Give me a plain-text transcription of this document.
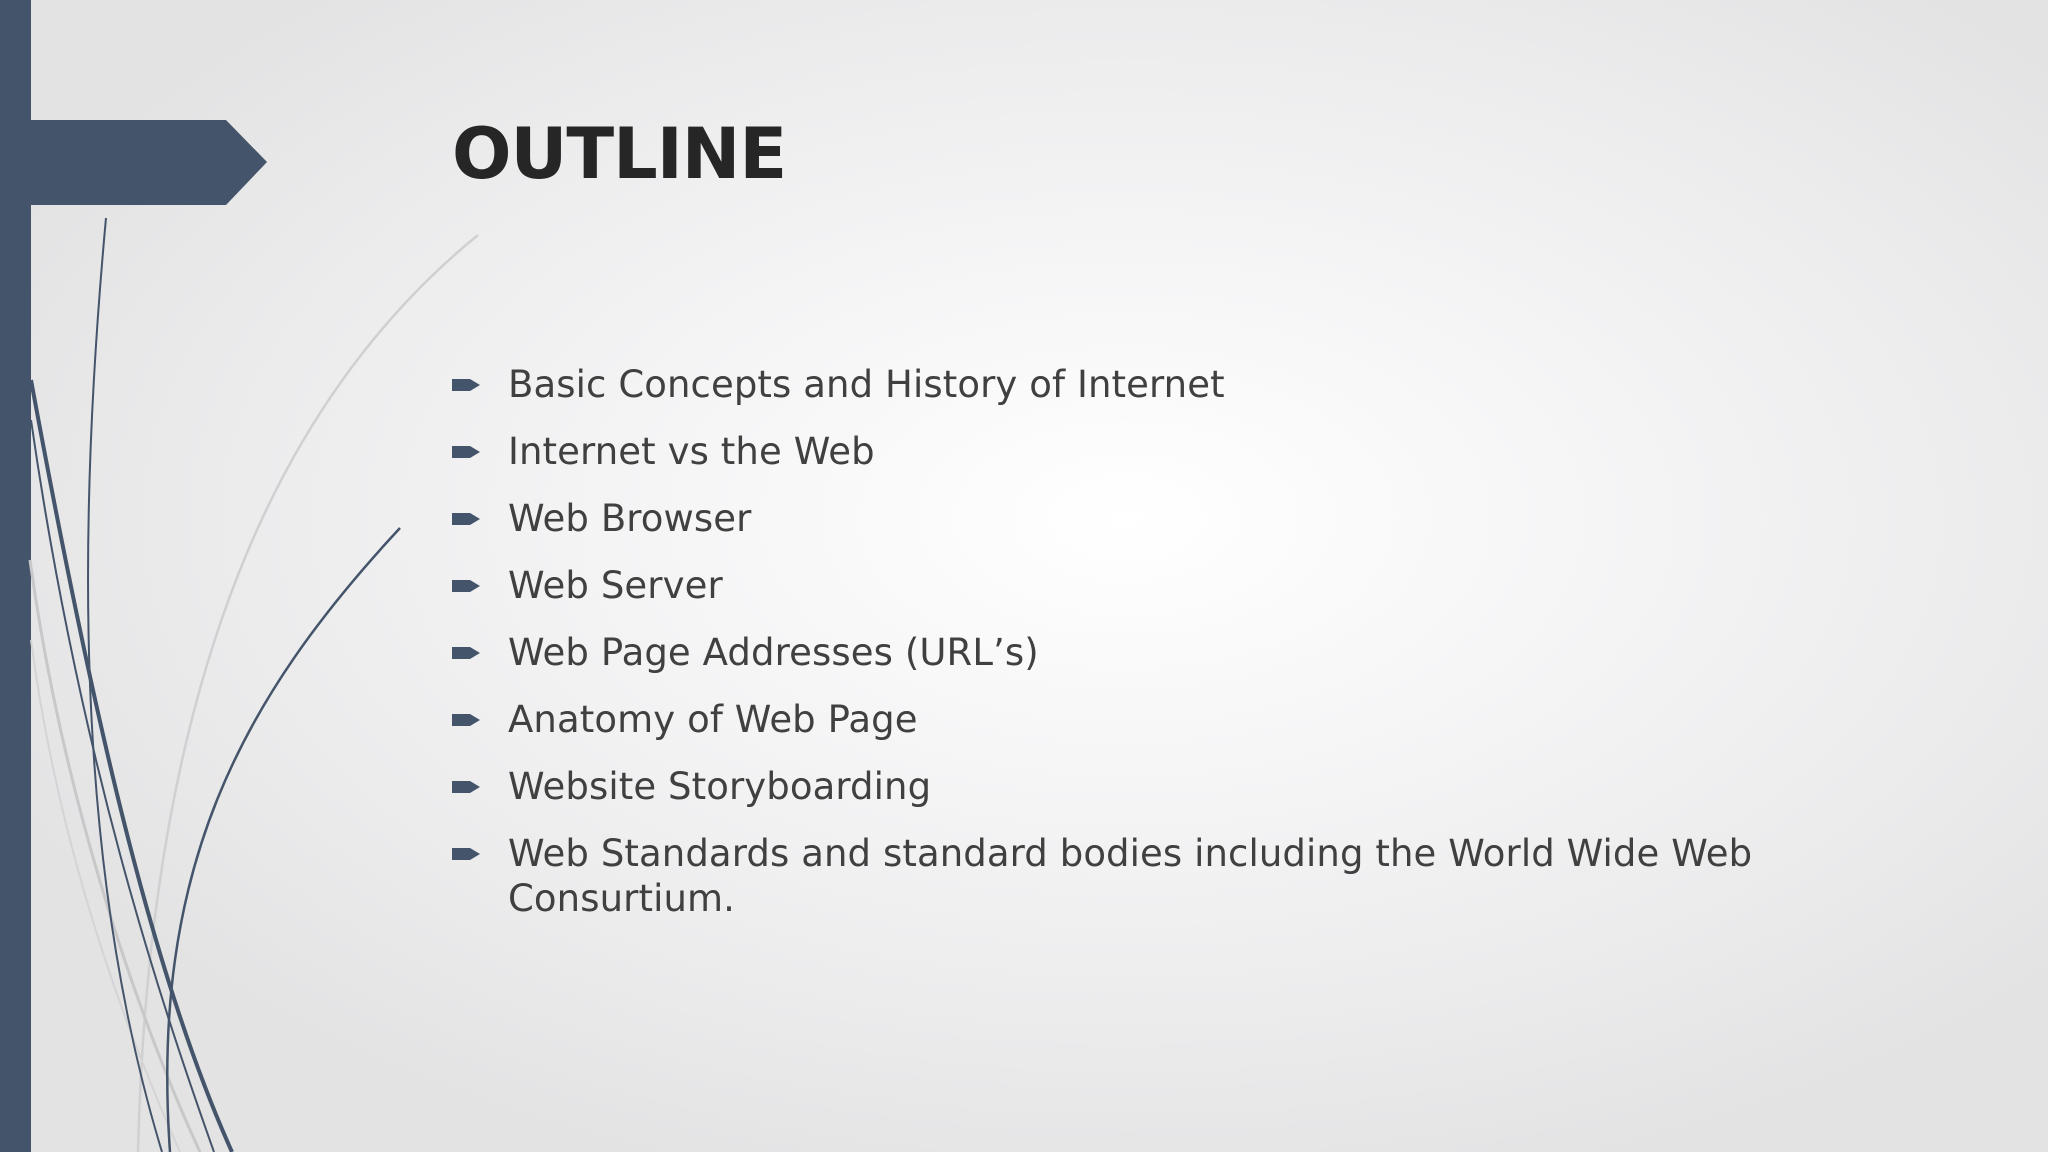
OUTLINE
Basic Concepts and History of Internet
Internet vs the Web
Web Browser
Web Server
Web Page Addresses (URL’s)
Anatomy of Web Page
Website Storyboarding
Web Standards and standard bodies including the World Wide Web Consurtium.
